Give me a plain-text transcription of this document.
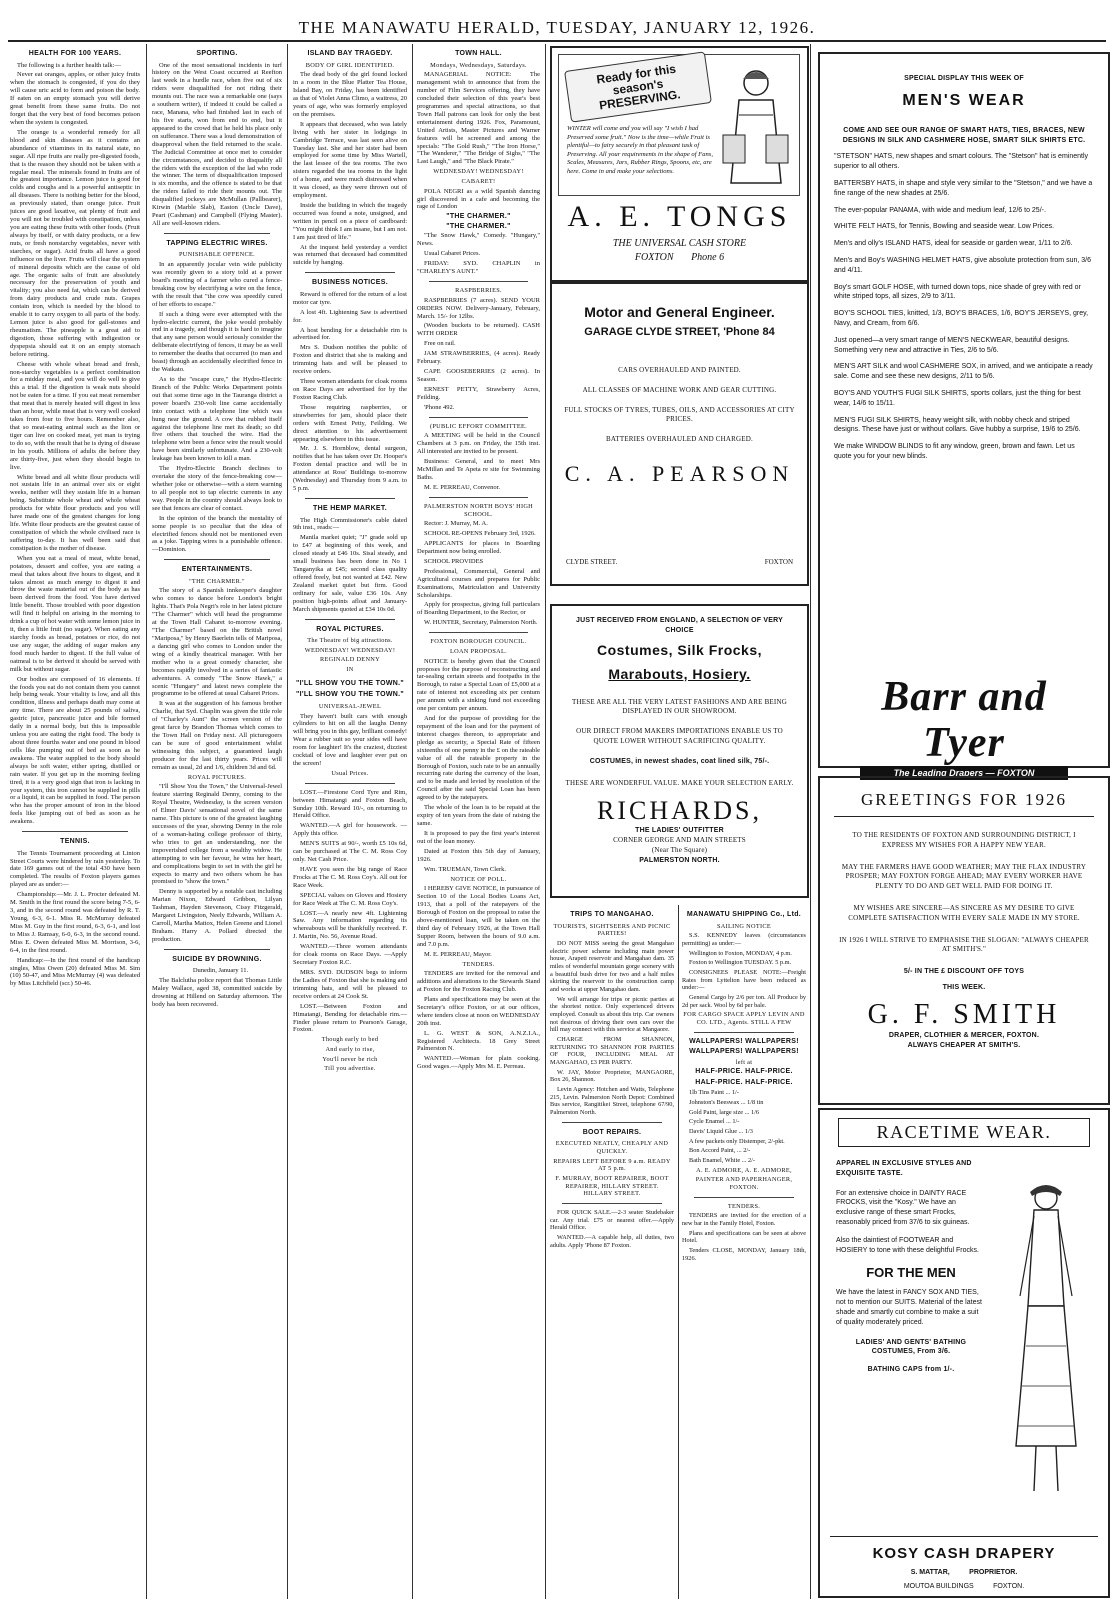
THE MANAWATU HERALD, TUESDAY, JANUARY 12, 1926.
HEALTH FOR 100 YEARS.

The following is a further health talk:—

Never eat oranges, apples, or other juicy fruits when the stomach is congested, if you do they will cause uric acid to form and poison the body. If eaten on an empty stomach you will derive great benefit from these same fruits. Do not forget that the very best of food becomes poison when the system is congested.

The orange is a wonderful remedy for all blood and skin diseases as it contains an abundance of vitamines in its natural state, no sugar. All ripe fruits are really pre-digested foods, that is the reason they should not be taken with a regular meal. The minerals found in fruits are of the greatest importance. Lemon juice is good for colds and coughs and is a powerful antiseptic in all diseases. There is nothing better for the blood, as previously stated, than orange juice. Fruit juices are good laxative, eat plenty of fruit and you will not be troubled with constipation, unless you are eating these fruits with other foods. (Fruit always by itself, or with dairy products, or a few nuts, or fresh nonstarchy vegetables, never with starches, or sugar). Acid fruits all have a good influence on the liver. Fruits will clear the system of mineral deposits which are the cause of old age. The organic salts of fruit are absolutely necessary for the preservation of youth and vitality; you also need fat, which can be derived from dairy products and crude nuts. Grapes contain iron, which is needed by the blood to enable it to carry oxygen to all parts of the body. Lemon juice is also good for gall-stones and rheumatism. The pineapple is a great aid to digestion, those suffering with indigestion or dyspepsia should eat it on an empty stomach before retiring.

Cheese with whole wheat bread and fresh, non-starchy vegetables is a perfect combination for a midday meal, and you will do well to give this a trial. If the digestion is weak nuts should not be eaten for a time. If you eat meat remember that meat that is merely heated will digest in less than an hour, while meat that is very well cooked takes from four to five hours. Remember also, that so meat-eating animal such as the lion or tiger can live on cooked meat, yet man is trying to do so, with the result that he is dying of disease in his youth. Millions of adults die before they are thirty-five, just when they should begin to live.

White bread and all white flour products will not sustain life in an animal over six or eight weeks, neither will they sustain life in a human being. Substitute whole wheat and whole wheat products for white flour products and you will have made one of the greatest changes for long life. White flour products are the greatest cause of constipation of which the whole civilised race is suffering to-day. It has well been said that constipation is the mother of disease.

When you eat a meal of meat, white bread, potatoes, dessert and coffee, you are eating a meal that takes about five hours to digest, and it takes almost as much energy to digest it and throw the waste material out of the body as has been derived from the food. You have derived little benefit. Those troubled with poor digestion will find it helpful on arising in the morning to drink a cup of hot water with some lemon juice in it, then a little fruit (no sugar). When eating any starchy foods as bread, potatoes or rice, do not use any sugar, the adding of sugar makes any food much harder to digest. If the full value of oatmeal is to be derived it should be served with milk but without sugar.

Our bodies are composed of 16 elements. If the foods you eat do not contain them you cannot help being weak. Your vitality is low, and all this condition, illness and perhaps death may come at any time. There are about 25 pounds of saliva, gastric juice, pancreatic juice and bile formed daily in a normal body, but this is impossible unless you are eating the right food. The body is about three fourths water and one pound in blood cells like pumping out of bed as soon as he awakens. The water supplied to the body should always be soft water, either spring, distilled or rain water. If you get up in the morning feeling tired, it is a very good sign that iron is lacking in your system, this iron cannot be supplied in pills or a liquid, it can be supplied in food. The person who has the proper amount of iron in the blood feels like jumping out of bed as soon as he awakens.

TENNIS.

The Tennis Tournament proceeding at Linton Street Courts were hindered by rain yesterday. To date 169 games out of the total 430 have been completed. The results of Foxton players games played are as under:—

Championship:—Mr. J. L. Procter defeated M. M. Smith in the first round the score being 7-5, 6-3, and in the second round was defeated by R. T. Young, 6-3, 6-1. Miss R. McMurray defeated Miss M. Guy in the first round, 6-3, 6-1, and lost to Miss J. Ramsay, 6-0, 6-3, in the second round. Miss E. Owen defeated Miss M. Morrison, 3-6, 6-4, in the first round.

Handicap:—In the first round of the handicap singles, Miss Owen (20) defeated Miss M. Sim (10) 50-47, and Miss McMurray (4) was defeated by Miss Litchfield (scr.) 50-46.

SPORTING.

One of the most sensational incidents in turf history on the West Coast occurred at Reefton last week in a hurdle race, when five out of six riders were disqualified for not riding their mounts out. The race was a remarkable one (says a southern writer), if indeed it could be called a race, Manana, who had finished last in each of his five starts, won from end to end, but it appeared to the crowd that he held his place only on sufferance. There was a loud demonstration of disapproval when the field returned to the scale. The Judicial Committee at once met to consider the circumstances, and decided to disqualify all the riders with the exception of the lad who rode the winner. The term of disqualification imposed is six months, and the offence is stated to be that the riders failed to ride their mounts out. The disqualified jockeys are McMullan (Pallbearer), Kirwin (Marble Slab), Easton (Uncle Dave), Peart (Cashman) and Campbell (Flying Master). All are well-known riders.

TAPPING ELECTRIC WIRES.
PUNISHABLE OFFENCE.

In an apparently jocular vein wide publicity was recently given to a story told at a power board's meeting of a farmer who cured a fence-breaking cow by electrifying a wire on the fence, with the result that "the cow was speedily cured of her efforts to escape."

If such a thing were ever attempted with the hydro-electric current, the joke would probably end in a tragedy, and though it is hard to imagine that any sane person would seriously consider the deliberate electrifying of fences, it may be as well to remember the deaths that occurred (to man and beast) through an accidentally electrified fence in the Waikato.

As to the "escape cure," the Hydro-Electric Branch of the Public Works Department points out that some time ago in the Tauranga district a power board's 230-volt line came accidentally into contact with a telephone line which was hung near the ground. A cow that rubbed itself against the telephone line met its death; so did five others that touched the wire. Had the telephone wire been a fence wire the result would have been similarly unfortunate. And a 230-volt leakage has been known to kill a man.

The Hydro-Electric Branch declines to overtake the story of the fence-breaking cow—whether joke or otherwise—with a stern warning to all people not to tap electric currents in any way. People in the country should always look to see that fences are clear of contact.

In the opinion of the branch the mentality of some people is so peculiar that the idea of electrified fences should not be mentioned even as a joke. Tapping wires is a punishable offence.—Dominion.

ENTERTAINMENTS.
"THE CHARMER."

The story of a Spanish innkeeper's daughter who comes to dance before London's bright lights. That's Pola Negri's role in her latest picture "The Charmer" which will head the programme at the Town Hall Cabaret to-morrow evening. "The Charmer" based on the British novel "Mariposa," by Henry Baerlein tells of Mariposa, a dancing girl who comes to London under the wing of a kindly theatrical manager. With her mother who is a great comedy character, she becomes rapidly involved in a series of fantastic adventures. A comedy "The Snow Hawk," a scenic "Hungary" and latest news complete the programme to be offered at usual Cabaret Prices.

It was at the suggestion of his famous brother Charlie, that Syd. Chaplin was given the title role of "Charley's Aunt" the screen version of the great farce by Brandon Thomas which comes to the Town Hall on Friday next. All picturegoers can be sure of good entertainment whilst witnessing this subject, a guaranteed laugh producer for the last thirty years. Prices will remain as usual, 2d and 1/6, children 3d and 6d.

ROYAL PICTURES.

"I'll Show You the Town," the Universal-Jewel feature starring Reginald Denny, coming to the Royal Theatre, Wednesday, is the screen version of Elmer Davis' sensational novel of the same name. This picture is one of the greatest laughing successes of the year, showing Denny in the role of a woman-hating college professor of thirty, who tries to get an understanding, nor the impoverished college from a wealthy widow. He attempting to win her favour, he wins her heart, and complications begin to set in with the girl he expects to marry and two others whom he has promised to "show the town."

Denny is supported by a notable cast including Marian Nixon, Edward Gribbon, Lilyan Tashman, Hayden Stevenson, Cissy Fitzgerald, Margaret Livingston, Neely Edwards, William A. Carroll, Martha Mattox, Helen Greene and Lionel Braham. Harry A. Pollard directed the production.

SUICIDE BY DROWNING.

Dunedin, January 11.

The Balclutha police report that Thomas Little Maley Wallace, aged 38, committed suicide by drowning at Hillend on Saturday afternoon. The body has been recovered.

ISLAND BAY TRAGEDY.
BODY OF GIRL IDENTIFIED.

The dead body of the girl found locked in a room in the Blue Platter Tea House, Island Bay, on Friday, has been identified as that of Violet Anna Climo, a waitress, 20 years of age, who was formerly employed on the premises.

It appears that deceased, who was lately living with her sister in lodgings in Cambridge Terrace, was last seen alive on Tuesday last. She and her sister had been employed for some time by Miss Wartell, the last lessee of the tea rooms. The two sisters regarded the tea rooms in the light of a home, and were much distressed when it was closed, as they were thrown out of employment.

Inside the building in which the tragedy occurred was found a note, unsigned, and written in pencil on a piece of cardboard: "You might think I am insane, but I am not. I am just tired of life."

At the inquest held yesterday a verdict was returned that deceased had committed suicide by hanging.

BUSINESS NOTICES.

Reward is offered for the return of a lost motor car tyre.

A lost 4ft. Lightening Saw is advertised for.

A host bending for a detachable rim is advertised for.

Mrs S. Dudson notifies the public of Foxton and district that she is making and trimming hats and will be pleased to receive orders.

Three women attendants for cloak rooms on Race Days are advertised for by the Foxton Racing Club.

Those requiring raspberries, or strawberries for jam, should place their orders with Ernest Petty, Feilding. We direct attention to his advertisement appearing elsewhere in this issue.

Mr. J. S. Hornblow, dental surgeon, notifies that he has taken over Dr. Hooper's Foxton dental practice and will be in attendance at Ross' Buildings to-morrow (Wednesday) and Thursday from 9 a.m. to 5 p.m.

THE HEMP MARKET.

The High Commissioner's cable dated 9th inst., reads:—

Manila market quiet; "J" grade sold up to £47 at beginning of this week, and closed steady at £46 10s. Sisal steady, and small business has been done in No 1 Tanganyika at £45; second class quality offered freely, but not wanted at £42. New Zealand market quiet but firm. Good ordinary for sale, value £36 10s. Any position high-points afloat and January-March shipments quoted at £34 10s 0d.

ROYAL PICTURES.
The Theatre of big attractions.
WEDNESDAY! WEDNESDAY!
REGINALD DENNY
IN
"I'LL SHOW YOU THE TOWN."
"I'LL SHOW YOU THE TOWN."
UNIVERSAL-JEWEL

They haven't built cars with enough cylinders to hit on all the laughs Denny will bring you in this gay, brilliant comedy! Wear a rubber suit so your sides will have room for laughter! It's the craziest, dizziest cocktail of love and laughter ever put on the screen!

Usual Prices.

LOST.—Firestone Cord Tyre and Rim, between Himatangi and Foxton Beach, Sunday 10th. Reward 10/-, on returning to Herald Office.

WANTED.—A girl for housework. —Apply this office.

MEN'S SUITS at 90/-, worth £5 10s 6d, can be purchased at The C. M. Ross Coy only. Net Cash Price.

HAVE you seen the big range of Race Frocks at The C. M. Ross Coy's. All out for Race Week.

SPECIAL values on Gloves and Hosiery for Race Week at The C. M. Ross Coy's.

LOST.—A nearly new 4ft. Lightening Saw. Any information regarding its whereabouts will be thankfully received. F. J. Martin, No. 56, Avenue Road.

WANTED.—Three women attendants for cloak rooms on Race Days. —Apply Secretary Foxton R.C.

MRS. SYD. DUDSON begs to inform the Ladies of Foxton that she is making and trimming hats, and will be pleased to receive orders at 24 Cook St.

LOST.—Between Foxton and Himatangi, Bending for detachable rim.—Finder please return to Pearson's Garage, Foxton.

Though early to bed
And early to rise,
You'll never be rich
Till you advertise.
TOWN HALL.
Mondays, Wednesdays, Saturdays.

MANAGERIAL NOTICE: The management wish to announce that from the number of Film Services offering, they have concluded their selection of this year's best programmes and special attractions, so that Town Hall patrons can look for only the best entertainment during 1926. Fox, Paramount, United Artists, Master Pictures and Warner features will be screened and among the specials: "The Gold Rush," "The Iron Horse," "The Wanderer," "The Bridge of Sighs," "The Last Laugh," and "The Black Pirate."

WEDNESDAY! WEDNESDAY!
CABARET!

POLA NEGRI as a wild Spanish dancing girl discovered in a cafe and becoming the rage of London

"THE CHARMER."
"THE CHARMER."

"The Snow Hawk," Comedy. "Hungary," News.

Usual Cabaret Prices.

FRIDAY: SYD. CHAPLIN in "CHARLEY'S AUNT."

RASPBERRIES.

RASPBERRIES (7 acres). SEND YOUR ORDERS NOW. Delivery-January, February, March. 15/- for 12lbs.

(Wooden buckets to be returned). CASH WITH ORDER

Free on rail.

JAM STRAWBERRIES, (4 acres). Ready February.

CAPE GOOSEBERRIES (2 acres). In Season.

ERNEST PETTY, Strawberry Acres, Feilding.

'Phone 492.

(PUBLIC EFFORT COMMITTEE.

A MEETING will be held in the Council Chambers at 3 p.m. on Friday, the 15th inst. All interested are invited to be present.

Business: General, and to meet Mrs McMillan and Te Apeta re site for Swimming Baths.

M. E. PERREAU, Convenor.

PALMERSTON NORTH BOYS' HIGH SCHOOL.

Rector: J. Murray, M. A.

SCHOOL RE-OPENS February 3rd, 1926.

APPLICANTS for places in Boarding Department now being enrolled.

SCHOOL PROVIDES

Professional, Commercial, General and Agricultural courses and prepares for Public Examinations, Matriculation and University Scholarships.

Apply for prospectus, giving full particulars of Boarding Department, to the Rector, or

W. HUNTER, Secretary, Palmerston North.

FOXTON BOROUGH COUNCIL.
LOAN PROPOSAL.

NOTICE is hereby given that the Council proposes for the purpose of reconstructing and tar-sealing certain streets and footpaths in the Borough, to raise a Special Loan of £5,000 at a rate of interest not exceeding six per centum per annum with a sinking fund not exceeding one per centum per annum.

And for the purpose of providing for the repayment of the loan and for the payment of interest charges thereon, to appropriate and pledge as security, a Special Rate of fifteen sixteenths of one penny in the £ on the rateable value of all the rateable property in the Borough of Foxton, such rate to be an annually recurring rate during the currency of the loan, and to be made and levied by resolution of the Council after the said Special Loan has been agreed to by the ratepayers.

The whole of the loan is to be repaid at the expiry of ten years from the date of raising the same.

It is proposed to pay the first year's interest out of the loan money.

Dated at Foxton this 5th day of January, 1926.

Wm. TRUEMAN, Town Clerk.

NOTICE OF POLL.

I HEREBY GIVE NOTICE, in pursuance of Section 10 of the Local Bodies Loans Act, 1913, that a poll of the ratepayers of the Borough of Foxton on the proposal to raise the above-mentioned loan, will be taken on the third day of February 1926, at the Town Hall Supper Room, between the hours of 9.0 a.m. and 7.0 p.m.

M. E. PERREAU, Mayor.

TENDERS.

TENDERS are invited for the removal and additions and alterations to the Stewards Stand at Foxton for the Foxton Racing Club.

Plans and specifications may be seen at the Secretary's office Foxton, or at our offices, where tenders close at noon on WEDNESDAY 20th inst.

L. G. WEST & SON, A.N.Z.I.A., Registered Architects. 18 Grey Street Palmerston N.

WANTED.—Woman for plain cooking. Good wages.—Apply Mrs M. E. Perreau.

Ready for this season's PRESERVING.
WINTER will come and you will say "I wish I had Preserved some fruit." Now is the time—while Fruit is plentiful—to fairy securely in that pleasant task of Preserving. All your requirements in the shape of Fans, Scales, Measures, Jars, Rubber Rings, Spoons, etc, are here. Come in and make your selections.
A. E. TONGS
THE UNIVERSAL CASH STORE
FOXTON       Phone 6
Motor and General Engineer.
GARAGE CLYDE STREET, 'Phone 84
CARS OVERHAULED AND PAINTED.
ALL CLASSES OF MACHINE WORK AND GEAR CUTTING.
FULL STOCKS OF TYRES, TUBES, OILS, AND ACCESSORIES AT CITY PRICES.
BATTERIES OVERHAULED AND CHARGED.
C. A. PEARSON
CLYDE STREET.	FOXTON
JUST RECEIVED FROM ENGLAND, A SELECTION OF VERY CHOICE
Costumes, Silk Frocks,
Marabouts, Hosiery.
THESE ARE ALL THE VERY LATEST FASHIONS AND ARE BEING DISPLAYED IN OUR SHOWROOM.
OUR DIRECT FROM MAKERS IMPORTATIONS ENABLE US TO QUOTE LOWER WITHOUT SACRIFICING QUALITY.
COSTUMES, in newest shades, coat lined silk, 75/-.
THESE ARE WONDERFUL VALUE. MAKE YOUR SELECTION EARLY.
RICHARDS,
THE LADIES' OUTFITTER
CORNER GEORGE AND MAIN STREETS
(Near The Square)
PALMERSTON NORTH.
TRIPS TO MANGAHAO.
TOURISTS, SIGHTSEERS AND PICNIC PARTIES!

DO NOT MISS seeing the great Mangahao electric power scheme including main power house, Arapeti reservoir and Mangahao dam. 35 miles of wonderful mountain gorge scenery with a beautiful bush drive for two and a half miles skirting the reservoir to the construction camp and works at upper Mangahao dam.

We will arrange for trips or picnic parties at the shortest notice. Only experienced drivers employed. Consult us about this trip. Car owners not desirous of driving their own cars over the hill may connect with this service at Mangaore.

CHARGE FROM SHANNON, RETURNING TO SHANNON FOR PARTIES OF FOUR, INCLUDING MEAL AT MANGAHAO, £3 PER PARTY.

W. JAY, Motor Proprietor, MANGAORE, Box 26, Shannon.

Levin Agency: Hotchen and Watts, Telephone 215, Levin. Palmerston North Depot: Combined Bus service, Rangitikei Street, telephone 67/90, Palmerston North.

BOOT REPAIRS.
EXECUTED NEATLY, CHEAPLY AND QUICKLY.
REPAIRS LEFT BEFORE 9 a.m. READY AT 5 p.m.
F. MURRAY, BOOT REPAIRER, BOOT REPAIRER, HILLARY STREET. HILLARY STREET.

FOR QUICK SALE.—2-3 seater Studebaker car. Any trial. £75 or nearest offer.—Apply Herald Office.

WANTED.—A capable help, all duties, two adults. Apply 'Phone 87 Foxton.

MANAWATU SHIPPING Co., Ltd.
SAILING NOTICE

S.S. KENNEDY leaves (circumstances permitting) as under:—

Wellington to Foxton, MONDAY, 4 p.m.

Foxton to Wellington TUESDAY. 5 p.m.

CONSIGNEES PLEASE NOTE:—Freight Rates from Lyttelton have been reduced as under:—

General Cargo by 2/6 per ton. All Produce by 2d per sack. Wool by 6d per bale.

FOR CARGO SPACE APPLY LEVIN AND CO. LTD., Agents. STILL A FEW
WALLPAPERS! WALLPAPERS!
WALLPAPERS! WALLPAPERS!
left at
HALF-PRICE. HALF-PRICE.
HALF-PRICE. HALF-PRICE.

1lb Tins Paint ... 1/-

Johnston's Beeswax ... 1/8 tin

Gold Paint, large size ... 1/6

Cycle Enamel ... 1/-

Davis' Liquid Glue ... 1/3

A few packets only Distemper, 2/-pkt.

Bon Accord Paint, ... 2/-

Bath Enamel, White ... 2/-

A. E. ADMORE, A. E. ADMORE,
PAINTER AND PAPERHANGER, FOXTON.
TENDERS.

TENDERS are invited for the erection of a new bar in the Family Hotel, Foxton.

Plans and specifications can be seen at above Hotel.

Tenders CLOSE, MONDAY, January 18th, 1926.

SPECIAL DISPLAY THIS WEEK OF
MEN'S WEAR
COME AND SEE OUR RANGE OF SMART HATS, TIES, BRACES, NEW DESIGNS IN SILK AND CASHMERE HOSE, SMART SILK SHIRTS ETC.
"STETSON" HATS, new shapes and smart colours. The "Stetson" hat is eminently superior to all others.
BATTERSBY HATS, in shape and style very similar to the "Stetson," and we have a fine range of the new shades at 25/6.
The ever-popular PANAMA, with wide and medium leaf, 12/6 to 25/-.
WHITE FELT HATS, for Tennis, Bowling and seaside wear. Low Prices.
Men's and olly's ISLAND HATS, ideal for seaside or garden wear, 1/11 to 2/6.
Men's and Boy's WASHING HELMET HATS, give absolute protection from sun, 3/6 and 4/11.
Boy's smart GOLF HOSE, with turned down tops, nice shade of grey with red or white striped tops, all sizes, 2/9 to 3/11.
BOY'S SCHOOL TIES, knitted, 1/3, BOY'S BRACES, 1/6, BOY'S JERSEYS, grey, Navy, and Cream, from 6/6.
Just opened—a very smart range of MEN'S NECKWEAR, beautiful designs. Something very new and attractive in Ties, 2/6 to 5/6.
MEN'S ART SILK and wool CASHMERE SOX, in arrived, and we anticipate a ready sale. Come and see these new designs, 2/11 to 5/6.
BOY'S AND YOUTH'S FUGI SILK SHIRTS, sports collars, just the thing for best wear, 14/6 to 15/11.
MEN'S FUGI SILK SHIRTS, heavy weight silk, with nobby check and striped designs. These have just or without collars. Give hubby a surprise, 19/6 to 25/6.
We make WINDOW BLINDS to fit any window, green, brown and fawn. Let us quote you for your new blinds.
Barr and Tyer
The Leading Drapers — FOXTON
GREETINGS FOR 1926
TO THE RESIDENTS OF FOXTON AND SURROUNDING DISTRICT, I EXPRESS MY WISHES FOR A HAPPY NEW YEAR.
MAY THE FARMERS HAVE GOOD WEATHER; MAY THE FLAX INDUSTRY PROSPER; MAY FOXTON FORGE AHEAD; MAY EVERY WORKER HAVE PLENTY TO DO AND GET WELL PAID FOR DOING IT.
MY WISHES ARE SINCERE—AS SINCERE AS MY DESIRE TO GIVE COMPLETE SATISFACTION WITH EVERY SALE MADE IN MY STORE.
IN 1926 I WILL STRIVE TO EMPHASISE THE SLOGAN: "ALWAYS CHEAPER AT SMITH'S."
5/- IN THE £ DISCOUNT OFF TOYS
THIS WEEK.
G. F. SMITH
DRAPER, CLOTHIER & MERCER, FOXTON.
ALWAYS CHEAPER AT SMITH'S.
RACETIME WEAR.
APPAREL IN EXCLUSIVE STYLES AND EXQUISITE TASTE.
For an extensive choice in DAINTY RACE FROCKS, visit the "Kosy." We have an exclusive range of these smart Frocks, reasonably priced from 37/6 to six guineas.
Also the daintiest of FOOTWEAR and HOSIERY to tone with these delightful Frocks.
FOR THE MEN
We have the latest in FANCY SOX AND TIES, not to mention our SUITS. Material of the latest shade and smartly cut combine to make a suit of quality moderately priced.
LADIES' AND GENTS' BATHING COSTUMES, From 3/6.
BATHING CAPS from 1/-.
KOSY CASH DRAPERY
S. MATTAR,          PROPRIETOR.
MOUTOA BUILDINGS          FOXTON.
